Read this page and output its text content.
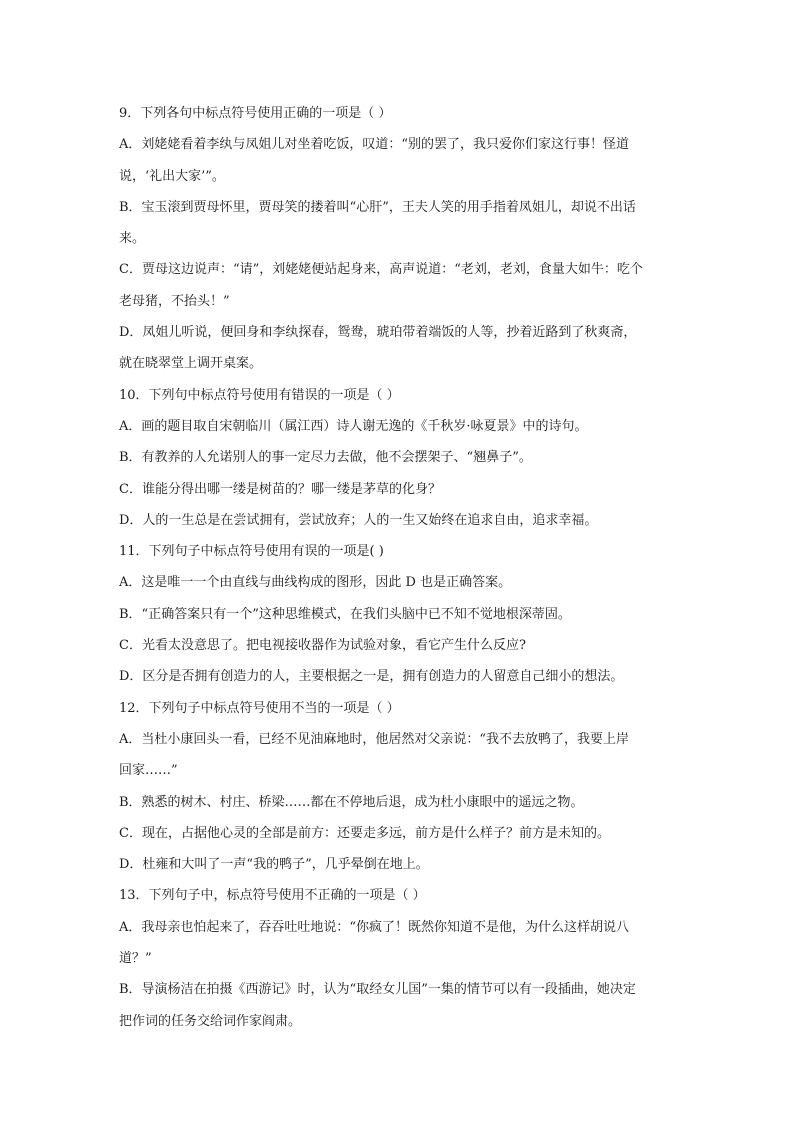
9．下列各句中标点符号使用正确的一项是（ ）
A．刘姥姥看着李纨与凤姐儿对坐着吃饭，叹道：“别的罢了，我只爱你们家这行事！怪道
说，‘礼出大家’”。
B．宝玉滚到贾母怀里，贾母笑的搂着叫“心肝”，王夫人笑的用手指着凤姐儿，却说不出话
来。
C．贾母这边说声：“请”，刘姥姥便站起身来，高声说道：“老刘，老刘，食量大如牛：吃个
老母猪，不抬头！”
D．凤姐儿听说，便回身和李纨探春，鸳鸯，琥珀带着端饭的人等，抄着近路到了秋爽斋，
就在晓翠堂上调开桌案。
10．下列句中标点符号使用有错误的一项是（ ）
A．画的题目取自宋朝临川（属江西）诗人谢无逸的《千秋岁·咏夏景》中的诗句。
B．有教养的人允诺别人的事一定尽力去做，他不会摆架子、“翘鼻子”。
C．谁能分得出哪一缕是树苗的？哪一缕是茅草的化身？
D．人的一生总是在尝试拥有，尝试放弃；人的一生又始终在追求自由，追求幸福。
11．下列句子中标点符号使用有误的一项是( )
A．这是唯一一个由直线与曲线构成的图形，因此 D 也是正确答案。
B．“正确答案只有一个”这种思维模式，在我们头脑中已不知不觉地根深蒂固。
C．光看太没意思了。把电视接收器作为试验对象，看它产生什么反应?
D．区分是否拥有创造力的人，主要根据之一是，拥有创造力的人留意自己细小的想法。
12．下列句子中标点符号使用不当的一项是（ ）
A．当杜小康回头一看，已经不见油麻地时，他居然对父亲说：“我不去放鸭了，我要上岸
回家……”
B．熟悉的树木、村庄、桥梁……都在不停地后退，成为杜小康眼中的遥远之物。
C．现在，占据他心灵的全部是前方：还要走多远，前方是什么样子？前方是未知的。
D．杜雍和大叫了一声“我的鸭子”，几乎晕倒在地上。
13．下列句子中，标点符号使用不正确的一项是（ ）
A．我母亲也怕起来了，吞吞吐吐地说：“你疯了！既然你知道不是他，为什么这样胡说八
道？”
B．导演杨洁在拍摄《西游记》时，认为“取经女儿国”一集的情节可以有一段插曲，她决定
把作词的任务交给词作家阎肃。
